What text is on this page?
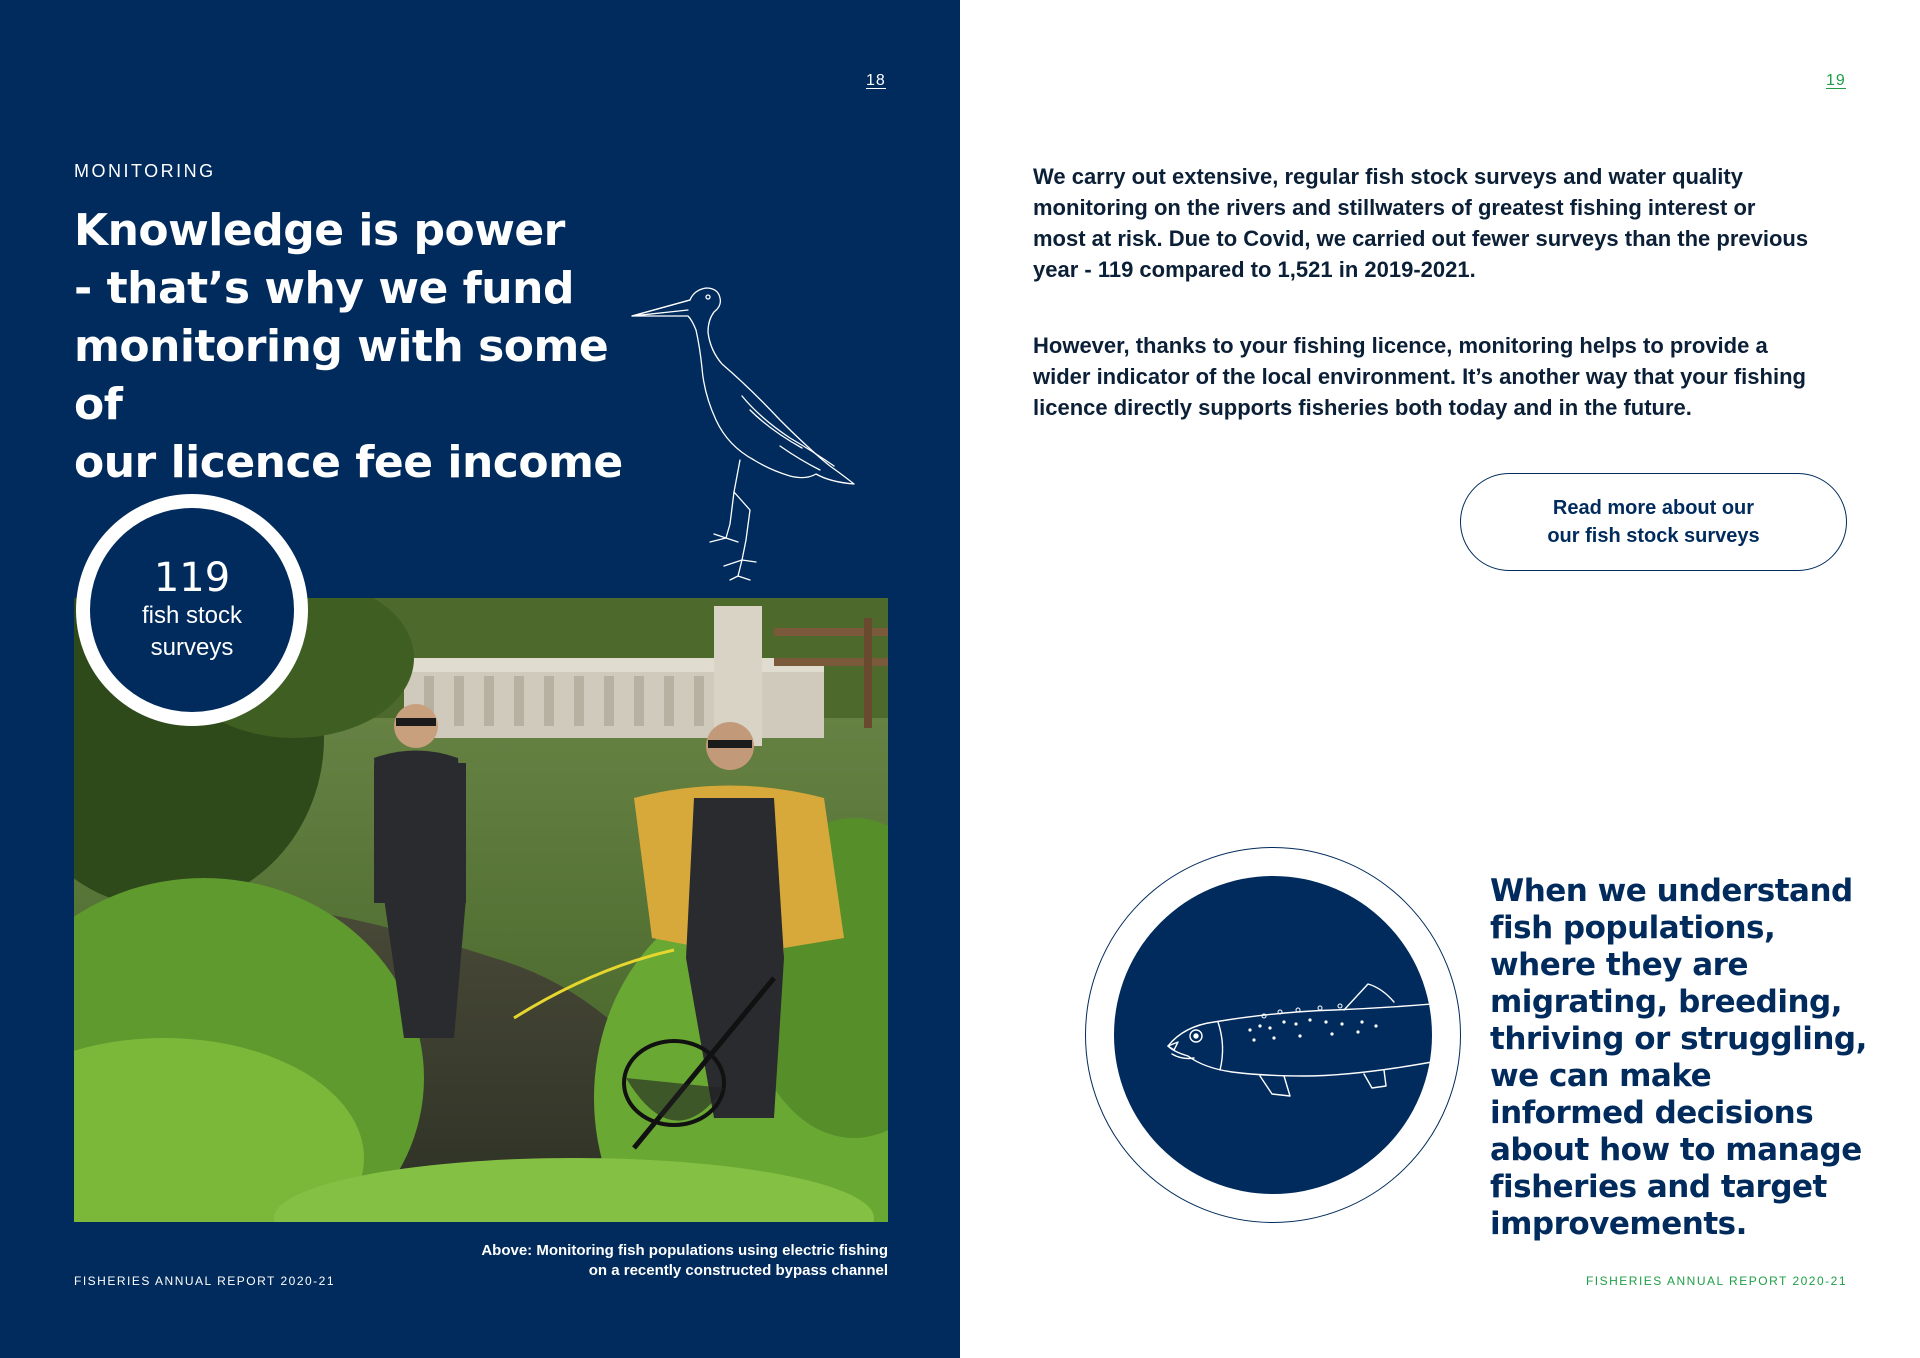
18
MONITORING
Knowledge is power
- that’s why we fund
monitoring with some of
our licence fee income
119
fish stock surveys
Above: Monitoring fish populations using electric fishing
on a recently constructed bypass channel
FISHERIES ANNUAL REPORT 2020-21
19

We carry out extensive, regular fish stock surveys and water quality monitoring on the rivers and stillwaters of greatest fishing interest or most at risk. Due to Covid, we carried out fewer surveys than the previous year - 119 compared to 1,521 in 2019-2021.

However, thanks to your fishing licence, monitoring helps to provide a wider indicator of the local environment. It’s another way that your fishing licence directly supports fisheries both today and in the future.

Read more about our
our fish stock surveys
When we understand fish populations, where they are migrating, breeding, thriving or struggling, we can make informed decisions about how to manage fisheries and target improvements.
FISHERIES ANNUAL REPORT 2020-21
